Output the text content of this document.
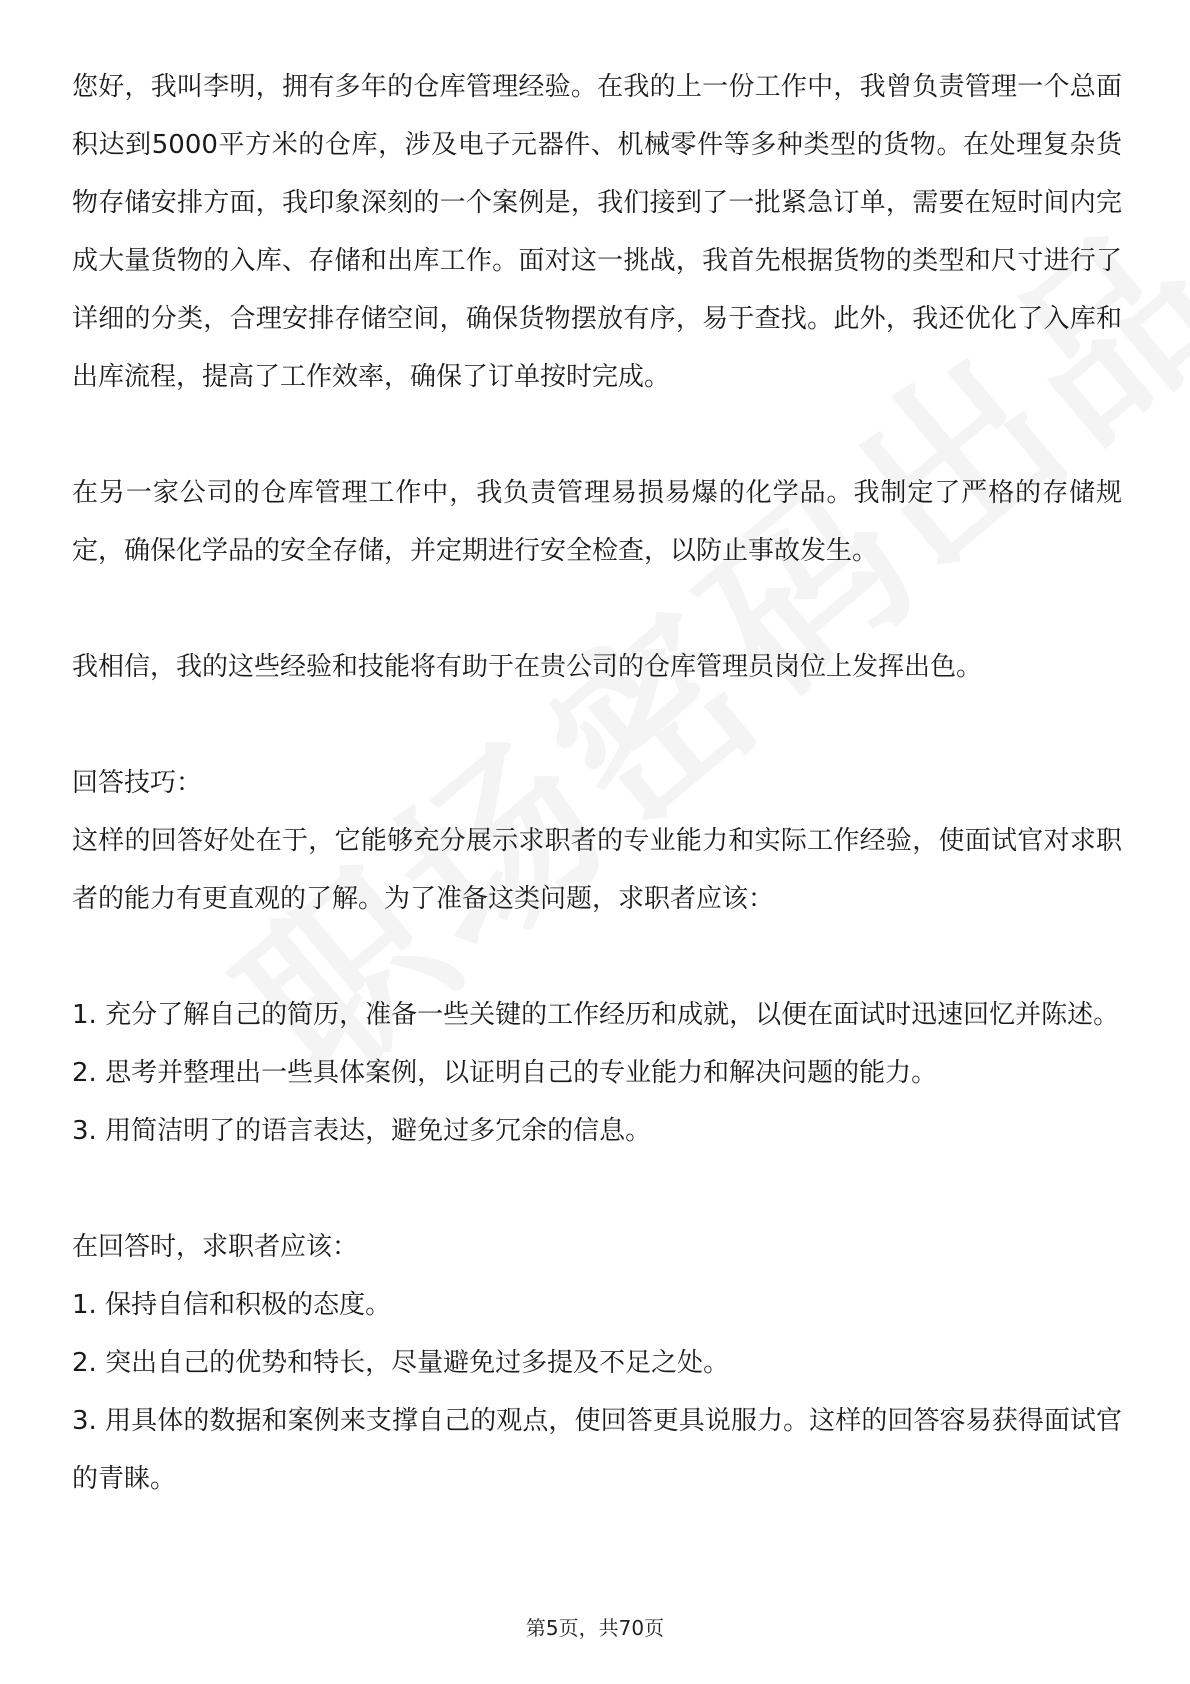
您好，我叫李明，拥有多年的仓库管理经验。在我的上一份工作中，我曾负责管理一个总面积达到5000平方米的仓库，涉及电子元器件、机械零件等多种类型的货物。在处理复杂货物存储安排方面，我印象深刻的一个案例是，我们接到了一批紧急订单，需要在短时间内完成大量货物的入库、存储和出库工作。面对这一挑战，我首先根据货物的类型和尺寸进行了详细的分类，合理安排存储空间，确保货物摆放有序，易于查找。此外，我还优化了入库和出库流程，提高了工作效率，确保了订单按时完成。

在另一家公司的仓库管理工作中，我负责管理易损易爆的化学品。我制定了严格的存储规定，确保化学品的安全存储，并定期进行安全检查，以防止事故发生。

我相信，我的这些经验和技能将有助于在贵公司的仓库管理员岗位上发挥出色。

回答技巧：

这样的回答好处在于，它能够充分展示求职者的专业能力和实际工作经验，使面试官对求职者的能力有更直观的了解。为了准备这类问题，求职者应该：

1. 充分了解自己的简历，准备一些关键的工作经历和成就，以便在面试时迅速回忆并陈述。

2. 思考并整理出一些具体案例，以证明自己的专业能力和解决问题的能力。

3. 用简洁明了的语言表达，避免过多冗余的信息。

在回答时，求职者应该：

1. 保持自信和积极的态度。

2. 突出自己的优势和特长，尽量避免过多提及不足之处。

3. 用具体的数据和案例来支撑自己的观点，使回答更具说服力。这样的回答容易获得面试官的青睐。

第5页，共70页
